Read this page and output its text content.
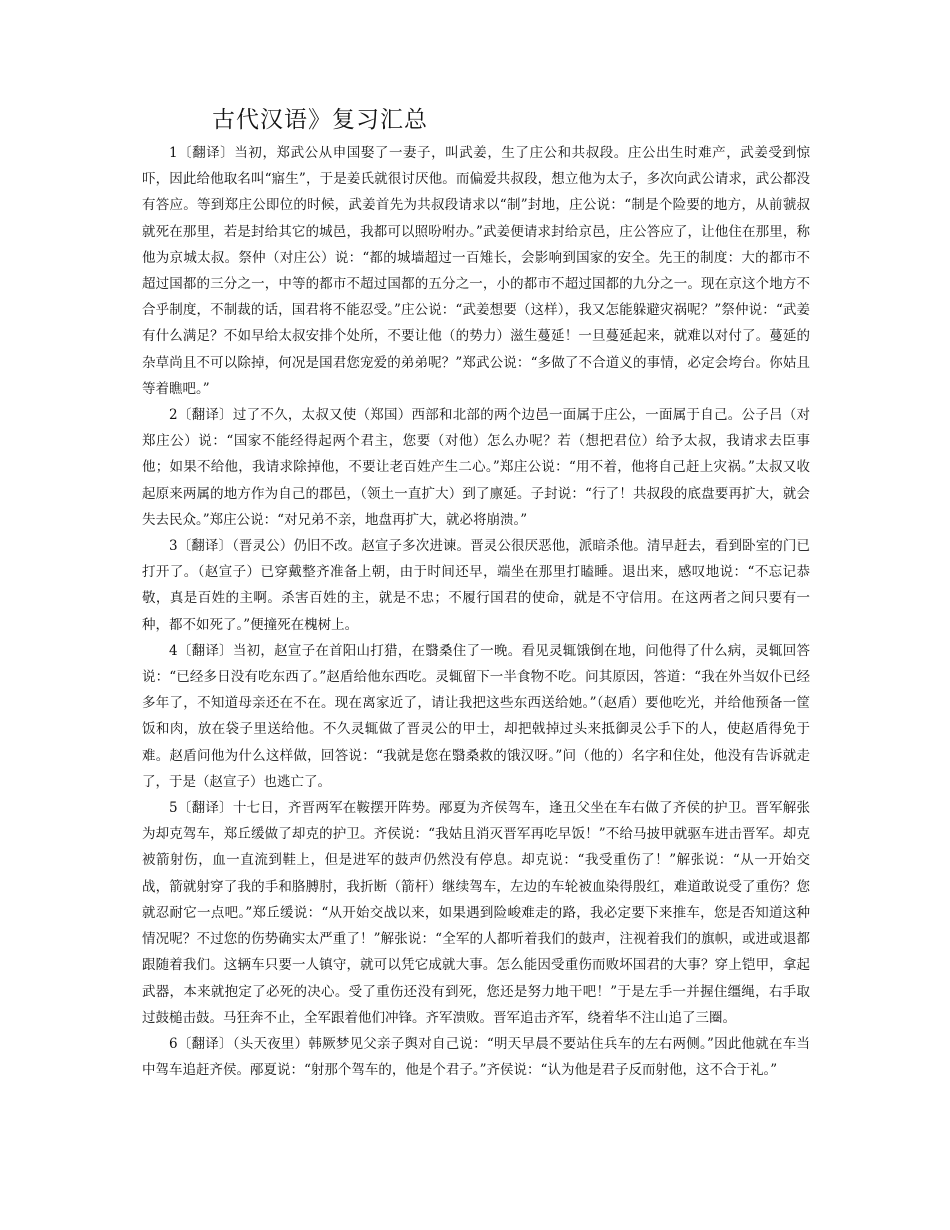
古代汉语》复习汇总

1〔翻译〕当初，郑武公从申国娶了一妻子，叫武姜，生了庄公和共叔段。庄公出生时难产，武姜受到惊吓，因此给他取名叫“寤生”，于是姜氏就很讨厌他。而偏爱共叔段，想立他为太子，多次向武公请求，武公都没有答应。等到郑庄公即位的时候，武姜首先为共叔段请求以“制”封地，庄公说：“制是个险要的地方，从前虢叔就死在那里，若是封给其它的城邑，我都可以照吩咐办。”武姜便请求封给京邑，庄公答应了，让他住在那里，称他为京城太叔。祭仲（对庄公）说：“都的城墙超过一百雉长，会影响到国家的安全。先王的制度：大的都市不超过国都的三分之一，中等的都市不超过国都的五分之一，小的都市不超过国都的九分之一。现在京这个地方不合乎制度，不制裁的话，国君将不能忍受。”庄公说：“武姜想要（这样），我又怎能躲避灾祸呢？”祭仲说：“武姜有什么满足？不如早给太叔安排个处所，不要让他（的势力）滋生蔓延！一旦蔓延起来，就难以对付了。蔓延的杂草尚且不可以除掉，何况是国君您宠爱的弟弟呢？”郑武公说：“多做了不合道义的事情，必定会垮台。你姑且等着瞧吧。”

2〔翻译〕过了不久，太叔又使（郑国）西部和北部的两个边邑一面属于庄公，一面属于自己。公子吕（对郑庄公）说：“国家不能经得起两个君主，您要（对他）怎么办呢？若（想把君位）给予太叔，我请求去臣事他；如果不给他，我请求除掉他，不要让老百姓产生二心。”郑庄公说：“用不着，他将自己赶上灾祸。”太叔又收起原来两属的地方作为自己的郡邑，（领土一直扩大）到了廪延。子封说：“行了！共叔段的底盘要再扩大，就会失去民众。”郑庄公说：“对兄弟不亲，地盘再扩大，就必将崩溃。”

3〔翻译〕（晋灵公）仍旧不改。赵宣子多次进谏。晋灵公很厌恶他，派暗杀他。清早赶去，看到卧室的门已打开了。（赵宣子）已穿戴整齐准备上朝，由于时间还早，端坐在那里打瞌睡。退出来，感叹地说：“不忘记恭敬，真是百姓的主啊。杀害百姓的主，就是不忠；不履行国君的使命，就是不守信用。在这两者之间只要有一种，都不如死了。”便撞死在槐树上。

4〔翻译〕当初，赵宣子在首阳山打猎，在翳桑住了一晚。看见灵辄饿倒在地，问他得了什么病，灵辄回答说：“已经多日没有吃东西了。”赵盾给他东西吃。灵辄留下一半食物不吃。问其原因，答道：“我在外当奴仆已经多年了，不知道母亲还在不在。现在离家近了，请让我把这些东西送给她。”（赵盾）要他吃光，并给他预备一筐饭和肉，放在袋子里送给他。不久灵辄做了晋灵公的甲士，却把戟掉过头来抵御灵公手下的人，使赵盾得免于难。赵盾问他为什么这样做，回答说：“我就是您在翳桑救的饿汉呀。”问（他的）名字和住处，他没有告诉就走了，于是（赵宣子）也逃亡了。

5〔翻译〕十七日，齐晋两军在鞍摆开阵势。邴夏为齐侯驾车，逢丑父坐在车右做了齐侯的护卫。晋军解张为却克驾车，郑丘缓做了却克的护卫。齐侯说：“我姑且消灭晋军再吃早饭！”不给马披甲就驱车进击晋军。却克被箭射伤，血一直流到鞋上，但是进军的鼓声仍然没有停息。却克说：“我受重伤了！”解张说：“从一开始交战，箭就射穿了我的手和胳膊肘，我折断（箭杆）继续驾车，左边的车轮被血染得殷红，难道敢说受了重伤？您就忍耐它一点吧。”郑丘缓说：“从开始交战以来，如果遇到险峻难走的路，我必定要下来推车，您是否知道这种情况呢？不过您的伤势确实太严重了！”解张说：“全军的人都听着我们的鼓声，注视着我们的旗帜，或进或退都跟随着我们。这辆车只要一人镇守，就可以凭它成就大事。怎么能因受重伤而败坏国君的大事？穿上铠甲，拿起武器，本来就抱定了必死的决心。受了重伤还没有到死，您还是努力地干吧！”于是左手一并握住缰绳，右手取过鼓槌击鼓。马狂奔不止，全军跟着他们冲锋。齐军溃败。晋军追击齐军，绕着华不注山追了三圈。

6〔翻译〕（头天夜里）韩厥梦见父亲子舆对自己说：“明天早晨不要站住兵车的左右两侧。”因此他就在车当中驾车追赶齐侯。邴夏说：“射那个驾车的，他是个君子。”齐侯说：“认为他是君子反而射他，这不合于礼。”
